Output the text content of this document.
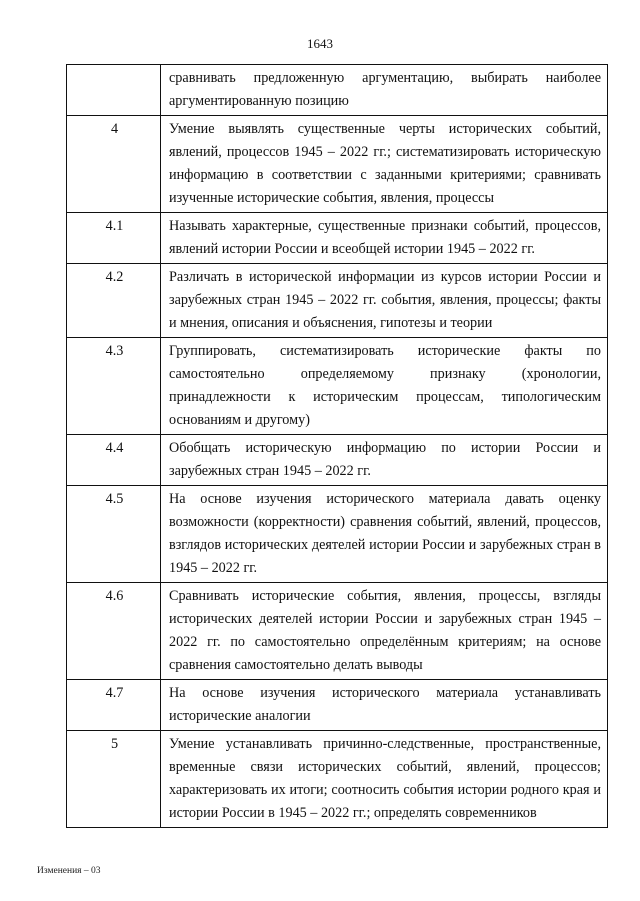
1643
	сравнивать предложенную аргументацию, выбирать наиболее аргументированную позицию
4	Умение выявлять существенные черты исторических событий, явлений, процессов 1945 – 2022 гг.; систематизировать историческую информацию в соответствии с заданными критериями; сравнивать изученные исторические события, явления, процессы
4.1	Называть характерные, существенные признаки событий, процессов, явлений истории России и всеобщей истории 1945 – 2022 гг.
4.2	Различать в исторической информации из курсов истории России и зарубежных стран 1945 – 2022 гг. события, явления, процессы; факты и мнения, описания и объяснения, гипотезы и теории
4.3	Группировать, систематизировать исторические факты по самостоятельно определяемому признаку (хронологии, принадлежности к историческим процессам, типологическим основаниям и другому)
4.4	Обобщать историческую информацию по истории России и зарубежных стран 1945 – 2022 гг.
4.5	На основе изучения исторического материала давать оценку возможности (корректности) сравнения событий, явлений, процессов, взглядов исторических деятелей истории России и зарубежных стран в 1945 – 2022 гг.
4.6	Сравнивать исторические события, явления, процессы, взгляды исторических деятелей истории России и зарубежных стран 1945 – 2022 гг. по самостоятельно определённым критериям; на основе сравнения самостоятельно делать выводы
4.7	На основе изучения исторического материала устанавливать исторические аналогии
5	Умение устанавливать причинно-следственные, пространственные, временные связи исторических событий, явлений, процессов; характеризовать их итоги; соотносить события истории родного края и истории России в 1945 – 2022 гг.; определять современников
Изменения – 03
